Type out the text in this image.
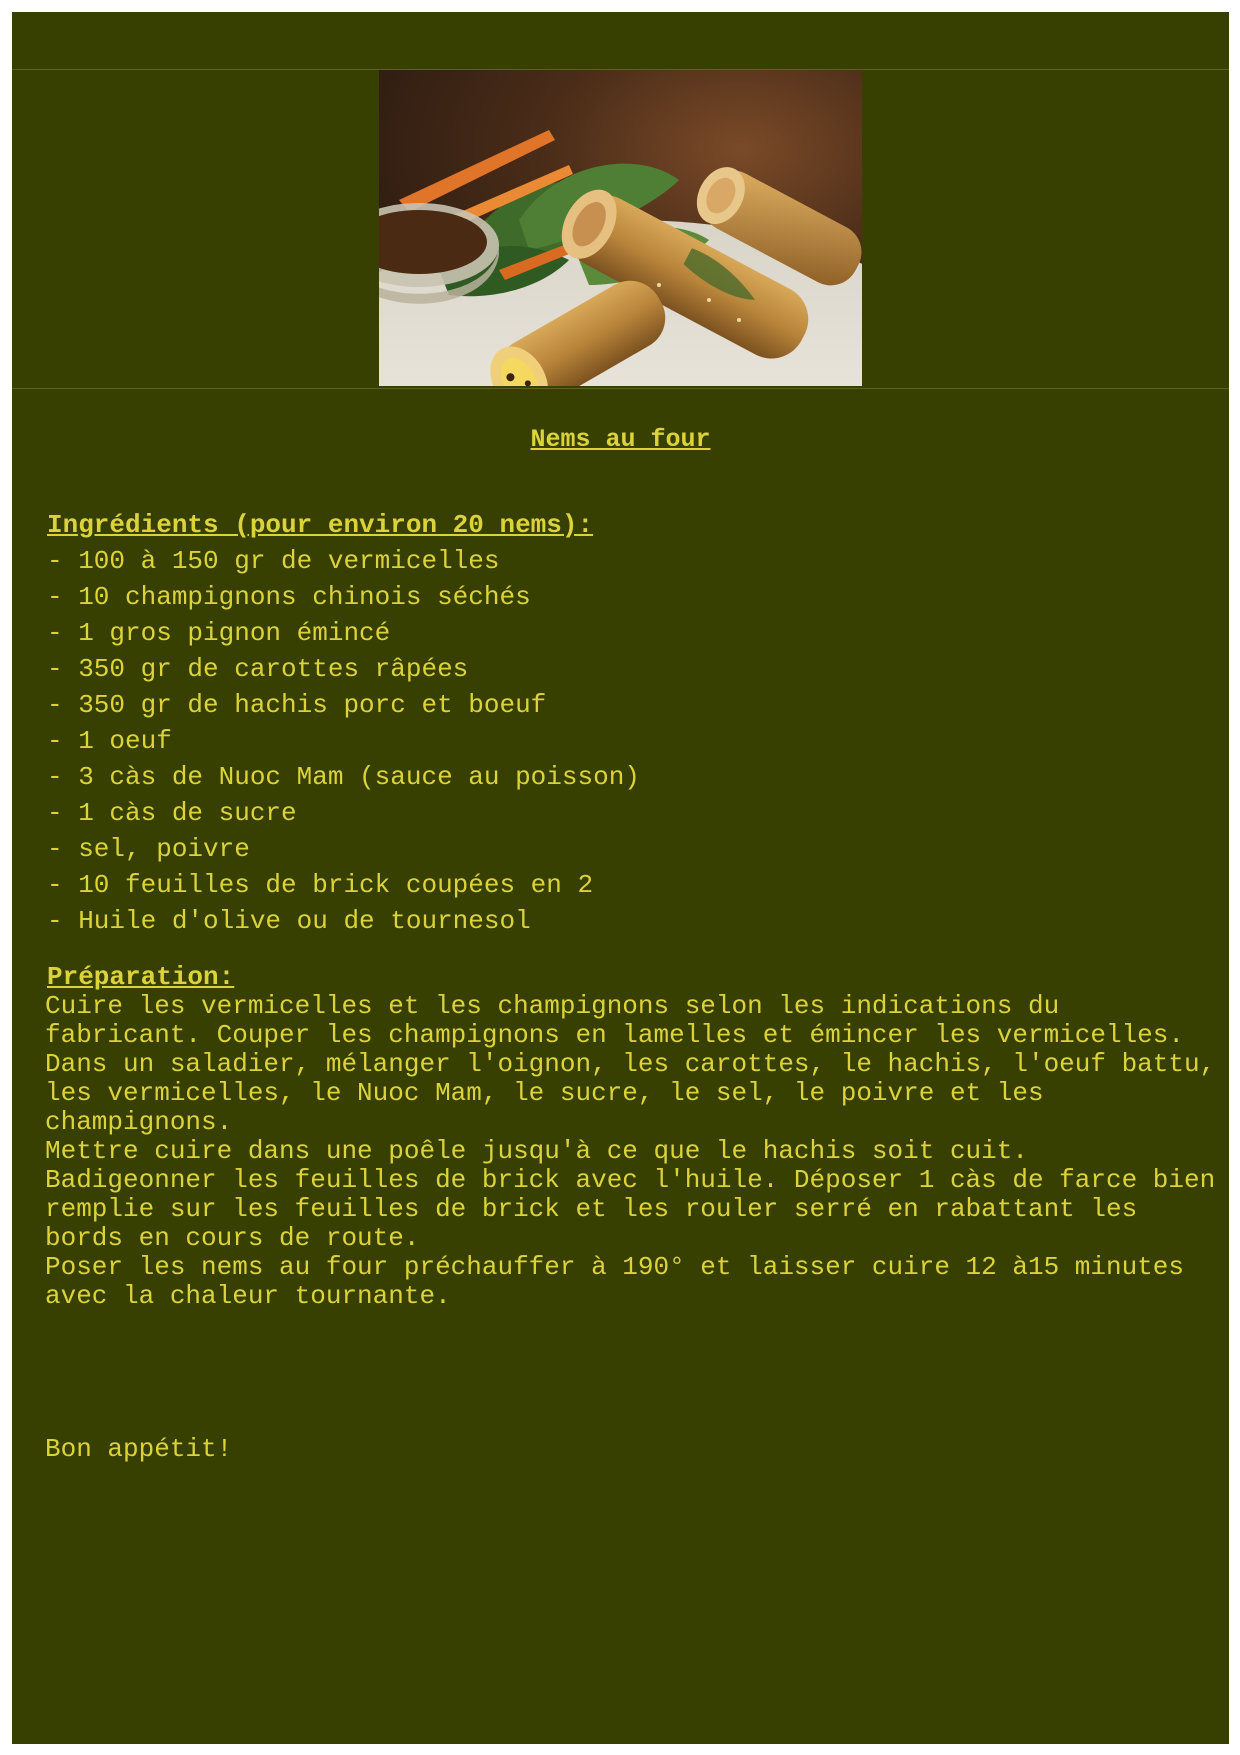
Nems au four
Ingrédients (pour environ 20 nems):
- 100 à 150 gr de vermicelles
- 10 champignons chinois séchés
- 1 gros pignon émincé
- 350 gr de carottes râpées
- 350 gr de hachis porc et boeuf
- 1 oeuf
- 3 càs de Nuoc Mam (sauce au poisson)
- 1 càs de sucre
- sel, poivre
- 10 feuilles de brick coupées en 2
- Huile d'olive ou de tournesol
Préparation:

Cuire les vermicelles et les champignons selon les indications du fabricant. Couper les champignons en lamelles et émincer les vermicelles.

Dans un saladier, mélanger l'oignon, les carottes, le hachis, l'oeuf battu, les vermicelles, le Nuoc Mam, le sucre, le sel, le poivre et les champignons.

Mettre cuire dans une poêle jusqu'à ce que le hachis soit cuit.

Badigeonner les feuilles de brick avec l'huile. Déposer 1 càs de farce bien remplie sur les feuilles de brick et les rouler serré en rabattant les bords en cours de route.

Poser les nems au four préchauffer à 190° et laisser cuire 12 à15 minutes avec la chaleur tournante.

Bon appétit!
